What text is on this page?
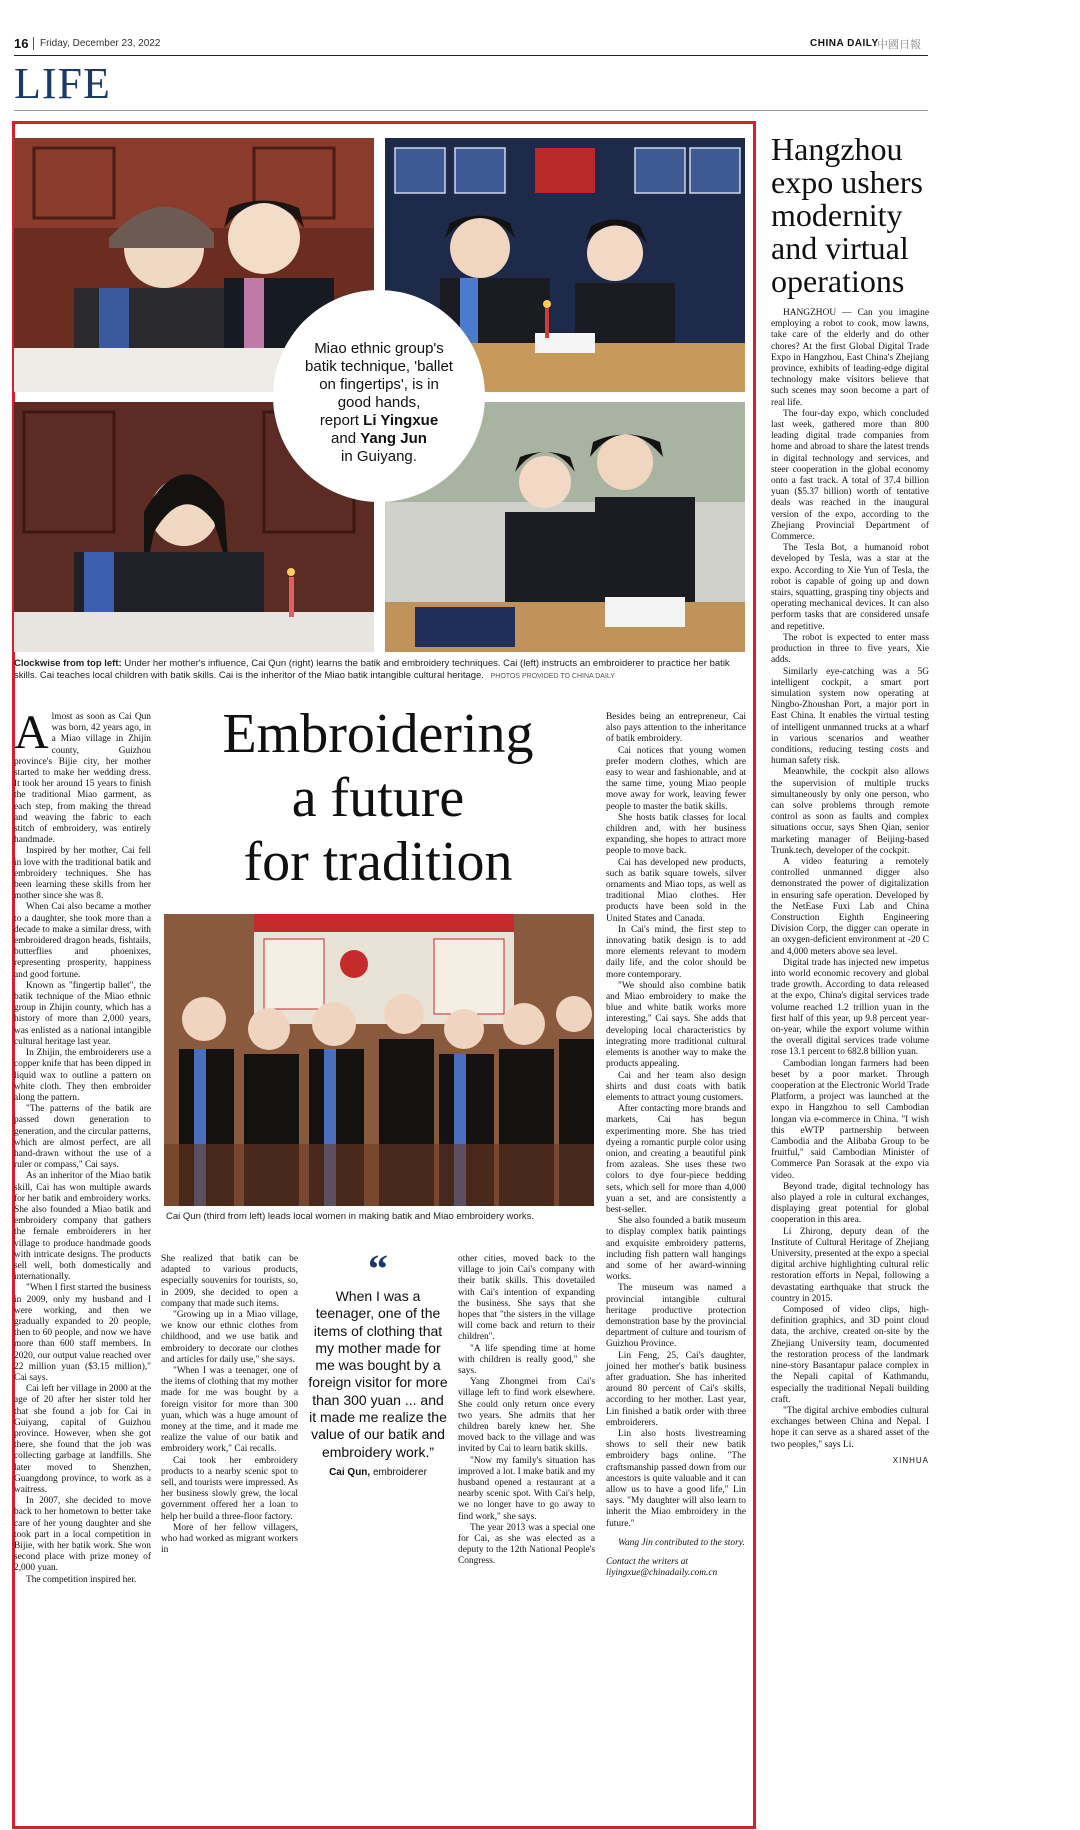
16 Friday, December 23, 2022	CHINA DAILY
中國日報
LIFE
Miao ethnic group's
batik technique, 'ballet
on fingertips', is in
good hands,
report Li Yingxue
and Yang Jun
in Guiyang.
Clockwise from top left: Under her mother's influence, Cai Qun (right) learns the batik and embroidery techniques. Cai (left) instructs an embroiderer to practice her batik skills. Cai teaches local children with batik skills. Cai is the inheritor of the Miao batik intangible cultural heritage. PHOTOS PROVIDED TO CHINA DAILY

Almost as soon as Cai Qun was born, 42 years ago, in a Miao village in Zhijin county, Guizhou province's Bijie city, her mother started to make her wedding dress. It took her around 15 years to finish the traditional Miao garment, as each step, from making the thread and weaving the fabric to each stitch of embroidery, was entirely handmade.

Inspired by her mother, Cai fell in love with the traditional batik and embroidery techniques. She has been learning these skills from her mother since she was 8.

When Cai also became a mother to a daughter, she took more than a decade to make a similar dress, with embroidered dragon heads, fishtails, butterflies and phoenixes, representing prosperity, happiness and good fortune.

Known as "fingertip ballet", the batik technique of the Miao ethnic group in Zhijin county, which has a history of more than 2,000 years, was enlisted as a national intangible cultural heritage last year.

In Zhijin, the embroiderers use a copper knife that has been dipped in liquid wax to outline a pattern on white cloth. They then embroider along the pattern.

"The patterns of the batik are passed down generation to generation, and the circular patterns, which are almost perfect, are all hand-drawn without the use of a ruler or compass," Cai says.

As an inheritor of the Miao batik skill, Cai has won multiple awards for her batik and embroidery works. She also founded a Miao batik and embroidery company that gathers the female embroiderers in her village to produce handmade goods with intricate designs. The products sell well, both domestically and internationally.

"When I first started the business in 2009, only my husband and I were working, and then we gradually expanded to 20 people, then to 60 people, and now we have more than 600 staff members. In 2020, our output value reached over 22 million yuan ($3.15 million)," Cai says.

Cai left her village in 2000 at the age of 20 after her sister told her that she found a job for Cai in Guiyang, capital of Guizhou province. However, when she got there, she found that the job was collecting garbage at landfills. She later moved to Shenzhen, Guangdong province, to work as a waitress.

In 2007, she decided to move back to her hometown to better take care of her young daughter and she took part in a local competition in Bijie, with her batik work. She won second place with prize money of 2,000 yuan.

The competition inspired her.

Embroidering
a future
for tradition
Cai Qun (third from left) leads local women in making batik and Miao embroidery works.

She realized that batik can be adapted to various products, especially souvenirs for tourists, so, in 2009, she decided to open a company that made such items.

"Growing up in a Miao village, we know our ethnic clothes from childhood, and we use batik and embroidery to decorate our clothes and articles for daily use," she says.

"When I was a teenager, one of the items of clothing that my mother made for me was bought by a foreign visitor for more than 300 yuan, which was a huge amount of money at the time, and it made me realize the value of our batik and embroidery work," Cai recalls.

Cai took her embroidery products to a nearby scenic spot to sell, and tourists were impressed. As her business slowly grew, the local government offered her a loan to help her build a three-floor factory.

More of her fellow villagers, who had worked as migrant workers in

“
When I was a teenager, one of the items of clothing that my mother made for me was bought by a foreign visitor for more than 300 yuan ... and it made me realize the value of our batik and embroidery work.”
Cai Qun, embroiderer

other cities, moved back to the village to join Cai's company with their batik skills. This dovetailed with Cai's intention of expanding the business. She says that she hopes that "the sisters in the village will come back and return to their children".

"A life spending time at home with children is really good," she says.

Yang Zhongmei from Cai's village left to find work elsewhere. She could only return once every two years. She admits that her children barely knew her. She moved back to the village and was invited by Cai to learn batik skills.

"Now my family's situation has improved a lot. I make batik and my husband opened a restaurant at a nearby scenic spot. With Cai's help, we no longer have to go away to find work," she says.

The year 2013 was a special one for Cai, as she was elected as a deputy to the 12th National People's Congress.

Besides being an entrepreneur, Cai also pays attention to the inheritance of batik embroidery.

Cai notices that young women prefer modern clothes, which are easy to wear and fashionable, and at the same time, young Miao people move away for work, leaving fewer people to master the batik skills.

She hosts batik classes for local children and, with her business expanding, she hopes to attract more people to move back.

Cai has developed new products, such as batik square towels, silver ornaments and Miao tops, as well as traditional Miao clothes. Her products have been sold in the United States and Canada.

In Cai's mind, the first step to innovating batik design is to add more elements relevant to modern daily life, and the color should be more contemporary.

"We should also combine batik and Miao embroidery to make the blue and white batik works more interesting," Cai says. She adds that developing local characteristics by integrating more traditional cultural elements is another way to make the products appealing.

Cai and her team also design shirts and dust coats with batik elements to attract young customers.

After contacting more brands and markets, Cai has begun experimenting more. She has tried dyeing a romantic purple color using onion, and creating a beautiful pink from azaleas. She uses these two colors to dye four-piece bedding sets, which sell for more than 4,000 yuan a set, and are consistently a best-seller.

She also founded a batik museum to display complex batik paintings and exquisite embroidery patterns, including fish pattern wall hangings and some of her award-winning works.

The museum was named a provincial intangible cultural heritage productive protection demonstration base by the provincial department of culture and tourism of Guizhou Province.

Lin Feng, 25, Cai's daughter, joined her mother's batik business after graduation. She has inherited around 80 percent of Cai's skills, according to her mother. Last year, Lin finished a batik order with three embroiderers.

Lin also hosts livestreaming shows to sell their new batik embroidery bags online. "The craftsmanship passed down from our ancestors is quite valuable and it can allow us to have a good life," Lin says. "My daughter will also learn to inherit the Miao embroidery in the future."

Wang Jin contributed to the story.

Contact the writers at

liyingxue@chinadaily.com.cn

Hangzhou
expo ushers
modernity
and virtual
operations

HANGZHOU — Can you imagine employing a robot to cook, mow lawns, take care of the elderly and do other chores? At the first Global Digital Trade Expo in Hangzhou, East China's Zhejiang province, exhibits of leading-edge digital technology make visitors believe that such scenes may soon become a part of real life.

The four-day expo, which concluded last week, gathered more than 800 leading digital trade companies from home and abroad to share the latest trends in digital technology and services, and steer cooperation in the global economy onto a fast track. A total of 37.4 billion yuan ($5.37 billion) worth of tentative deals was reached in the inaugural version of the expo, according to the Zhejiang Provincial Department of Commerce.

The Tesla Bot, a humanoid robot developed by Tesla, was a star at the expo. According to Xie Yun of Tesla, the robot is capable of going up and down stairs, squatting, grasping tiny objects and operating mechanical devices. It can also perform tasks that are considered unsafe and repetitive.

The robot is expected to enter mass production in three to five years, Xie adds.

Similarly eye-catching was a 5G intelligent cockpit, a smart port simulation system now operating at Ningbo-Zhoushan Port, a major port in East China. It enables the virtual testing of intelligent unmanned trucks at a wharf in various scenarios and weather conditions, reducing testing costs and human safety risk.

Meanwhile, the cockpit also allows the supervision of multiple trucks simultaneously by only one person, who can solve problems through remote control as soon as faults and complex situations occur, says Shen Qian, senior marketing manager of Beijing-based Trunk.tech, developer of the cockpit.

A video featuring a remotely controlled unmanned digger also demonstrated the power of digitalization in ensuring safe operation. Developed by the NetEase Fuxi Lab and China Construction Eighth Engineering Division Corp, the digger can operate in an oxygen-deficient environment at -20 C and 4,000 meters above sea level.

Digital trade has injected new impetus into world economic recovery and global trade growth. According to data released at the expo, China's digital services trade volume reached 1.2 trillion yuan in the first half of this year, up 9.8 percent year-on-year, while the export volume within the overall digital services trade volume rose 13.1 percent to 682.8 billion yuan.

Cambodian longan farmers had been beset by a poor market. Through cooperation at the Electronic World Trade Platform, a project was launched at the expo in Hangzhou to sell Cambodian longan via e-commerce in China. "I wish this eWTP partnership between Cambodia and the Alibaba Group to be fruitful," said Cambodian Minister of Commerce Pan Sorasak at the expo via video.

Beyond trade, digital technology has also played a role in cultural exchanges, displaying great potential for global cooperation in this area.

Li Zhirong, deputy dean of the Institute of Cultural Heritage of Zhejiang University, presented at the expo a special digital archive highlighting cultural relic restoration efforts in Nepal, following a devastating earthquake that struck the country in 2015.

Composed of video clips, high-definition graphics, and 3D point cloud data, the archive, created on-site by the Zhejiang University team, documented the restoration process of the landmark nine-story Basantapur palace complex in the Nepali capital of Kathmandu, especially the traditional Nepali building craft.

"The digital archive embodies cultural exchanges between China and Nepal. I hope it can serve as a shared asset of the two peoples," says Li.

XINHUA
